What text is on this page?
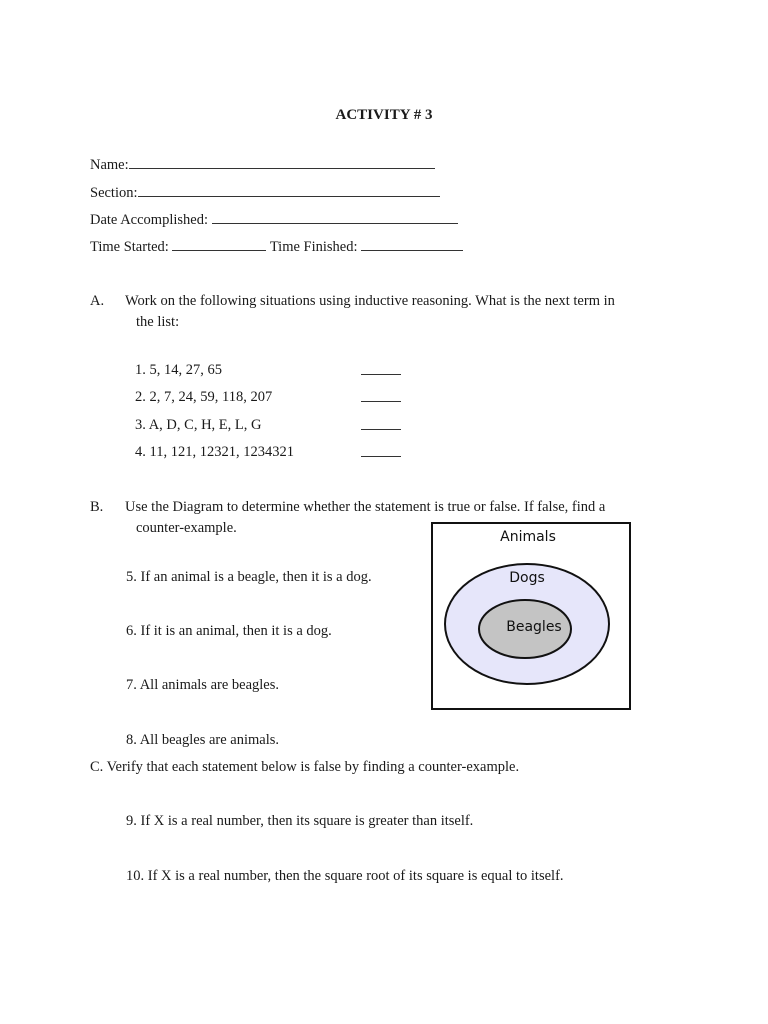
ACTIVITY # 3
Name:
Section:
Date Accomplished:
Time Started:	Time Finished:
A. Work on the following situations using inductive reasoning. What is the next term in
the list:
1. 5, 14, 27, 65
2. 2, 7, 24, 59, 118, 207
3. A, D, C, H, E, L, G
4. 11, 121, 12321, 1234321
B. Use the Diagram to determine whether the statement is true or false. If false, find a
counter-example.
5. If an animal is a beagle, then it is a dog.
6. If it is an animal, then it is a dog.
7. All animals are beagles.
8. All beagles are animals.
Animals
Dogs
Beagles
C. Verify that each statement below is false by finding a counter-example.
9. If X is a real number, then its square is greater than itself.
10. If X is a real number, then the square root of its square is equal to itself.
